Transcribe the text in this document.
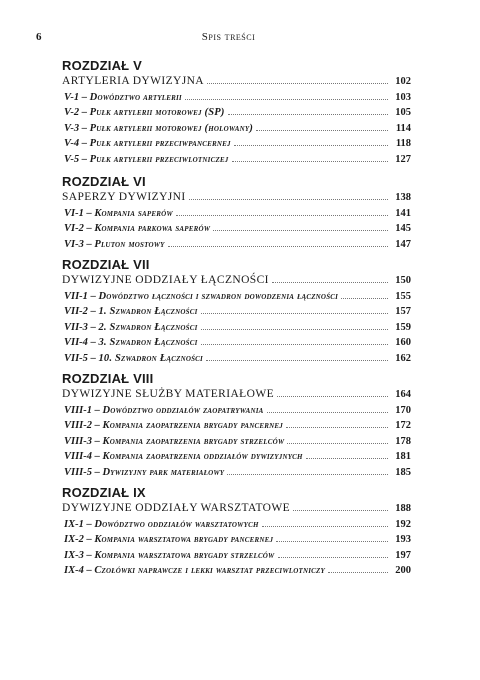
6	Spis treści
ROZDZIAŁ V
ARTYLERIA DYWIZYJNA	102
V-1 – Dowództwo artylerii	103
V-2 – Pułk artylerii motorowej (SP)	105
V-3 – Pułk artylerii motorowej (holowany)	114
V-4 – Pułk artylerii przeciwpancernej	118
V-5 – Pułk artylerii przeciwlotniczej	127
ROZDZIAŁ VI
SAPERZY DYWIZYJNI	138
VI-1 – Kompania saperów	141
VI-2 – Kompania parkowa saperów	145
VI-3 – Pluton mostowy	147
ROZDZIAŁ VII
DYWIZYJNE ODDZIAŁY ŁĄCZNOŚCI	150
VII-1 – Dowództwo łączności i szwadron dowodzenia łączności	155
VII-2 – 1. Szwadron Łączności	157
VII-3 – 2. Szwadron Łączności	159
VII-4 – 3. Szwadron Łączności	160
VII-5 – 10. Szwadron Łączności	162
ROZDZIAŁ VIII
DYWIZYJNE SŁUŻBY MATERIAŁOWE	164
VIII-1 – Dowództwo oddziałów zaopatrywania	170
VIII-2 – Kompania zaopatrzenia brygady pancernej	172
VIII-3 – Kompania zaopatrzenia brygady strzelców	178
VIII-4 – Kompania zaopatrzenia oddziałów dywizyjnych	181
VIII-5 – Dywizyjny park materiałowy	185
ROZDZIAŁ IX
DYWIZYJNE ODDZIAŁY WARSZTATOWE	188
IX-1 – Dowództwo oddziałów warsztatowych	192
IX-2 – Kompania warsztatowa brygady pancernej	193
IX-3 – Kompania warsztatowa brygady strzelców	197
IX-4 – Czołówki naprawcze i lekki warsztat przeciwlotniczy	200
